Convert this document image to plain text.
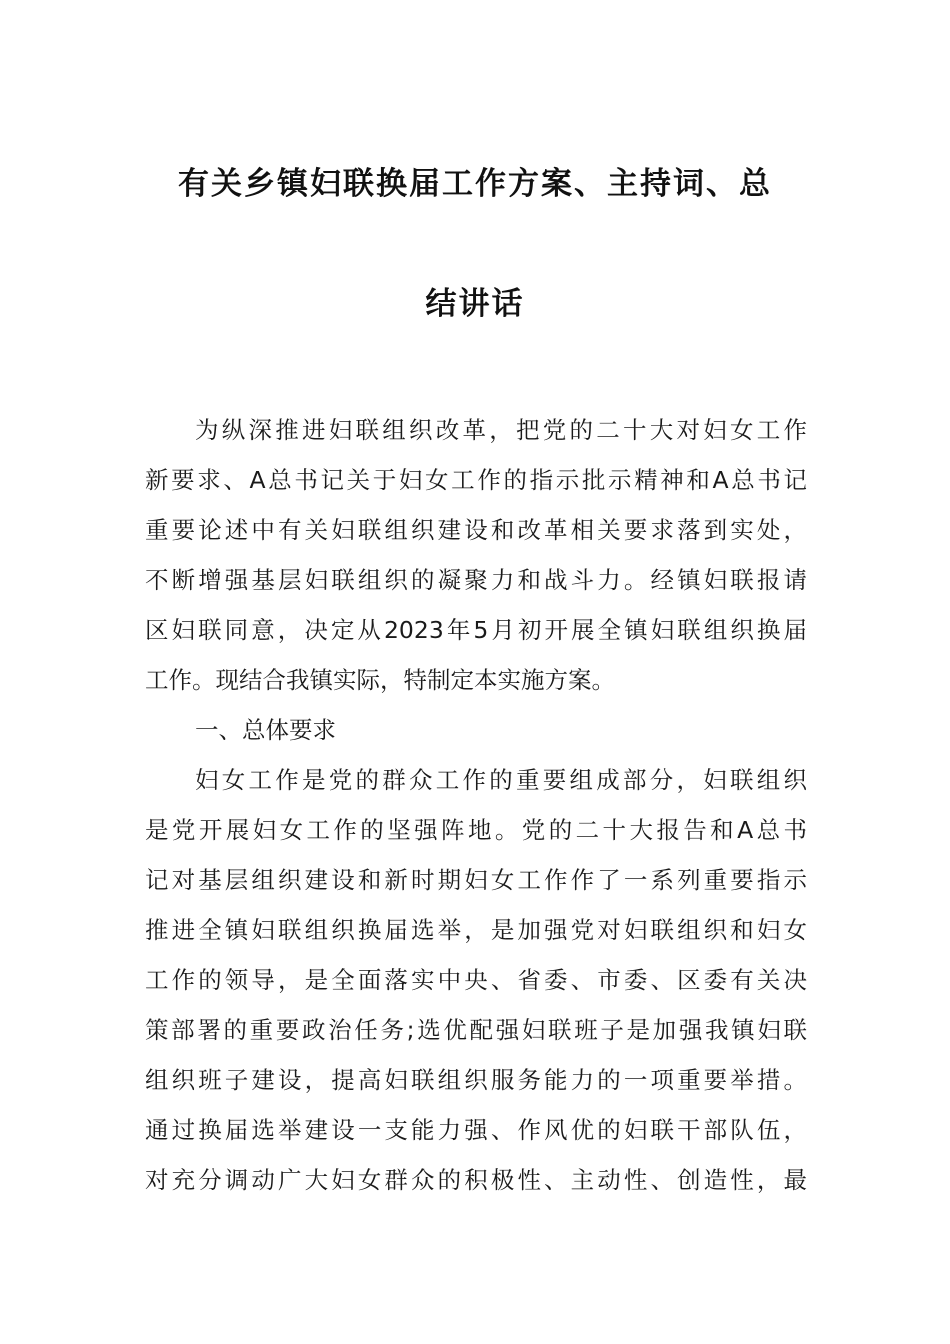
有关乡镇妇联换届工作方案、主持词、总
结讲话
为纵深推进妇联组织改革，把党的二十大对妇女工作
新要求、A总书记关于妇女工作的指示批示精神和A总书记
重要论述中有关妇联组织建设和改革相关要求落到实处，
不断增强基层妇联组织的凝聚力和战斗力。经镇妇联报请
区妇联同意，决定从2023年5月初开展全镇妇联组织换届
工作。现结合我镇实际，特制定本实施方案。
一、总体要求
妇女工作是党的群众工作的重要组成部分，妇联组织
是党开展妇女工作的坚强阵地。党的二十大报告和A总书
记对基层组织建设和新时期妇女工作作了一系列重要指示
推进全镇妇联组织换届选举，是加强党对妇联组织和妇女
工作的领导，是全面落实中央、省委、市委、区委有关决
策部署的重要政治任务;选优配强妇联班子是加强我镇妇联
组织班子建设，提高妇联组织服务能力的一项重要举措。
通过换届选举建设一支能力强、作风优的妇联干部队伍，
对充分调动广大妇女群众的积极性、主动性、创造性，最
